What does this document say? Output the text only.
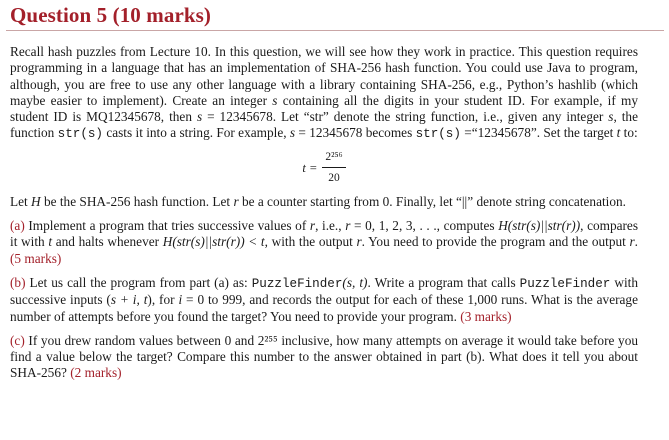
Question 5 (10 marks)

Recall hash puzzles from Lecture 10. In this question, we will see how they work in practice. This question requires programming in a language that has an implementation of SHA-256 hash function. You could use Java to program, although, you are free to use any other language with a library containing SHA-256, e.g., Python’s hashlib (which maybe easier to implement). Create an integer s containing all the digits in your student ID. For example, if my student ID is MQ12345678, then s = 12345678. Let “str” denote the string function, i.e., given any integer s, the function str(s) casts it into a string. For example, s = 12345678 becomes str(s) =“12345678”. Set the target t to:

$t = \frac{\text{2²⁵⁶}}{20}$

Let H be the SHA-256 hash function. Let r be a counter starting from 0. Finally, let “||” denote string concatenation.

(a) Implement a program that tries successive values of r, i.e., r = 0, 1, 2, 3, . . ., computes H(str(s)||str(r)), compares it with t and halts whenever H(str(s)||str(r)) < t, with the output r. You need to provide the program and the output r. (5 marks)

(b) Let us call the program from part (a) as: PuzzleFinder(s, t). Write a program that calls PuzzleFinder with successive inputs (s + i, t), for i = 0 to 999, and records the output for each of these 1,000 runs. What is the average number of attempts before you found the target? You need to provide your program. (3 marks)

(c) If you drew random values between 0 and 2²⁵⁵ inclusive, how many attempts on average it would take before you find a value below the target? Compare this number to the answer obtained in part (b). What does it tell you about SHA-256? (2 marks)
